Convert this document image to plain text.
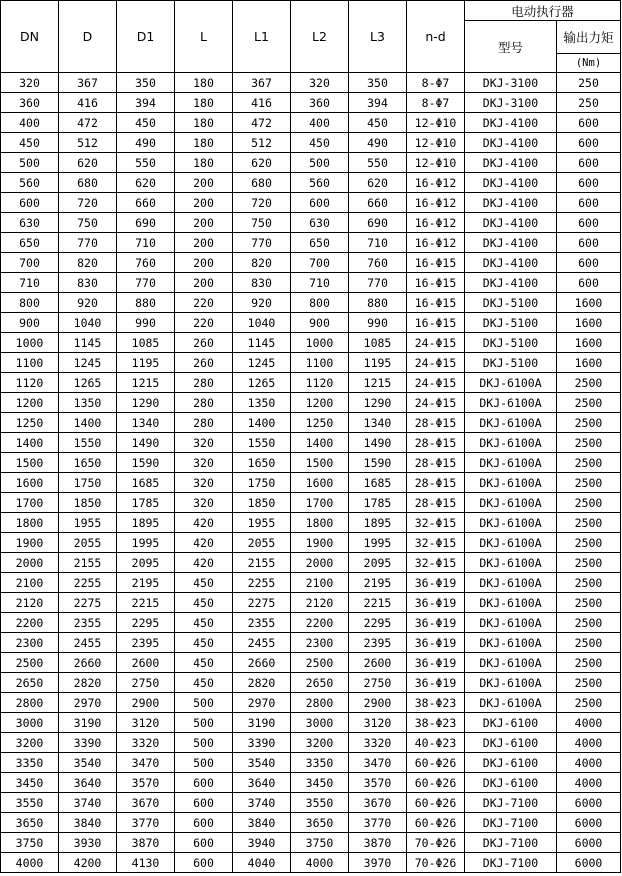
DN	D	D1	L	L1	L2	L3	n-d	电动执行器	
								型号	输出力矩
									(Nm)
320	367	350	180	367	320	350	8-Φ7	DKJ-3100	250
360	416	394	180	416	360	394	8-Φ7	DKJ-3100	250
400	472	450	180	472	400	450	12-Φ10	DKJ-4100	600
450	512	490	180	512	450	490	12-Φ10	DKJ-4100	600
500	620	550	180	620	500	550	12-Φ10	DKJ-4100	600
560	680	620	200	680	560	620	16-Φ12	DKJ-4100	600
600	720	660	200	720	600	660	16-Φ12	DKJ-4100	600
630	750	690	200	750	630	690	16-Φ12	DKJ-4100	600
650	770	710	200	770	650	710	16-Φ12	DKJ-4100	600
700	820	760	200	820	700	760	16-Φ15	DKJ-4100	600
710	830	770	200	830	710	770	16-Φ15	DKJ-4100	600
800	920	880	220	920	800	880	16-Φ15	DKJ-5100	1600
900	1040	990	220	1040	900	990	16-Φ15	DKJ-5100	1600
1000	1145	1085	260	1145	1000	1085	24-Φ15	DKJ-5100	1600
1100	1245	1195	260	1245	1100	1195	24-Φ15	DKJ-5100	1600
1120	1265	1215	280	1265	1120	1215	24-Φ15	DKJ-6100A	2500
1200	1350	1290	280	1350	1200	1290	24-Φ15	DKJ-6100A	2500
1250	1400	1340	280	1400	1250	1340	28-Φ15	DKJ-6100A	2500
1400	1550	1490	320	1550	1400	1490	28-Φ15	DKJ-6100A	2500
1500	1650	1590	320	1650	1500	1590	28-Φ15	DKJ-6100A	2500
1600	1750	1685	320	1750	1600	1685	28-Φ15	DKJ-6100A	2500
1700	1850	1785	320	1850	1700	1785	28-Φ15	DKJ-6100A	2500
1800	1955	1895	420	1955	1800	1895	32-Φ15	DKJ-6100A	2500
1900	2055	1995	420	2055	1900	1995	32-Φ15	DKJ-6100A	2500
2000	2155	2095	420	2155	2000	2095	32-Φ15	DKJ-6100A	2500
2100	2255	2195	450	2255	2100	2195	36-Φ19	DKJ-6100A	2500
2120	2275	2215	450	2275	2120	2215	36-Φ19	DKJ-6100A	2500
2200	2355	2295	450	2355	2200	2295	36-Φ19	DKJ-6100A	2500
2300	2455	2395	450	2455	2300	2395	36-Φ19	DKJ-6100A	2500
2500	2660	2600	450	2660	2500	2600	36-Φ19	DKJ-6100A	2500
2650	2820	2750	450	2820	2650	2750	36-Φ19	DKJ-6100A	2500
2800	2970	2900	500	2970	2800	2900	38-Φ23	DKJ-6100A	2500
3000	3190	3120	500	3190	3000	3120	38-Φ23	DKJ-6100	4000
3200	3390	3320	500	3390	3200	3320	40-Φ23	DKJ-6100	4000
3350	3540	3470	500	3540	3350	3470	60-Φ26	DKJ-6100	4000
3450	3640	3570	600	3640	3450	3570	60-Φ26	DKJ-6100	4000
3550	3740	3670	600	3740	3550	3670	60-Φ26	DKJ-7100	6000
3650	3840	3770	600	3840	3650	3770	60-Φ26	DKJ-7100	6000
3750	3930	3870	600	3940	3750	3870	70-Φ26	DKJ-7100	6000
4000	4200	4130	600	4040	4000	3970	70-Φ26	DKJ-7100	6000
